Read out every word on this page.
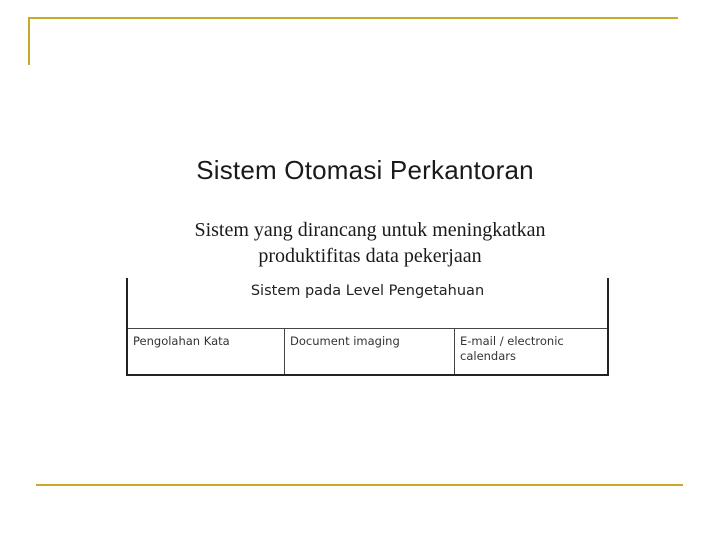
Sistem Otomasi Perkantoran
Sistem yang dirancang untuk meningkatkan
produktifitas data pekerjaan
Sistem pada Level Pengetahuan
Pengolahan Kata	Document imaging	E-mail / electronic
calendars
